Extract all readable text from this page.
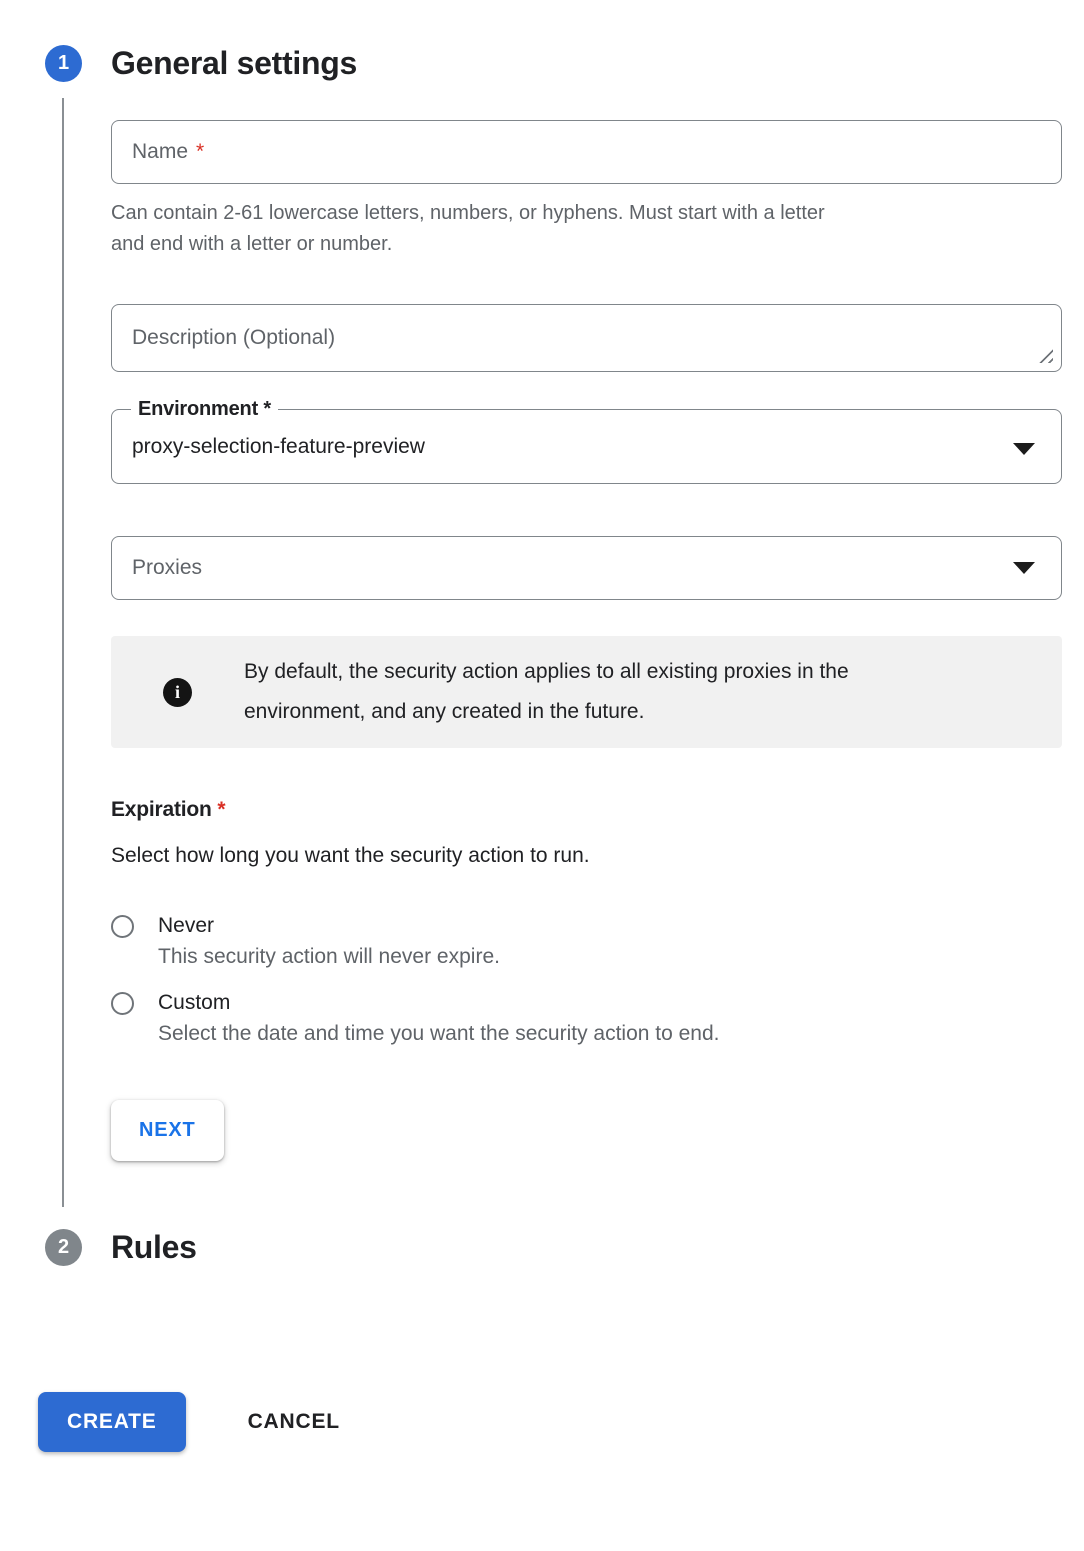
1	General settings
Name *
Can contain 2-61 lowercase letters, numbers, or hyphens. Must start with a letter
and end with a letter or number.
Description (Optional)
Environment *
proxy-selection-feature-preview
Proxies
i
By default, the security action applies to all existing proxies in the
environment, and any created in the future.
Expiration *
Select how long you want the security action to run.
Never
This security action will never expire.
Custom
Select the date and time you want the security action to end.
NEXT
2	Rules
CREATE	CANCEL
